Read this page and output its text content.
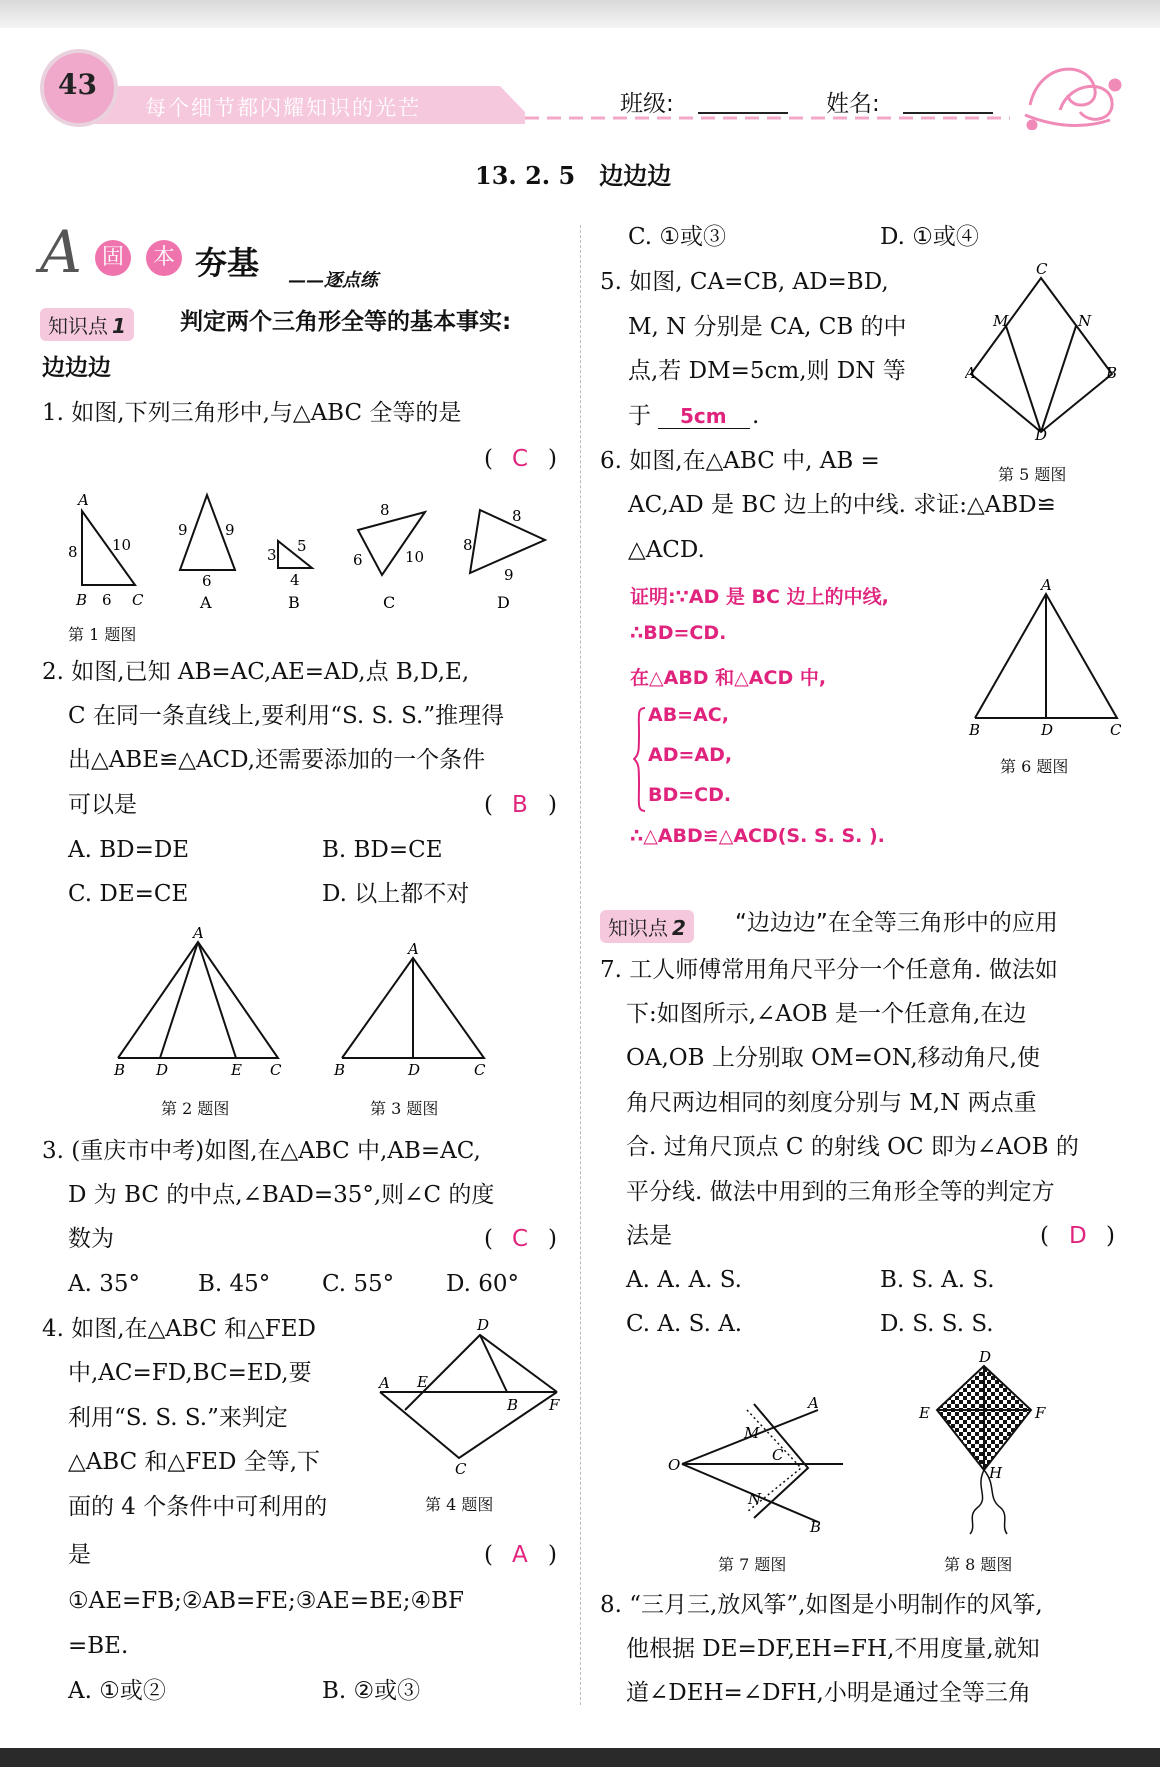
43
每个细节都闪耀知识的光芒	班级:	姓名:
13. 2. 5　边边边
A 固	本 夯基 ——逐点练
知识点 1	判定两个三角形全等的基本事实:
边边边
1. 如图,下列三角形中,与△ABC 全等的是
( C )
A
B	C
10
8
6
9 9
6
A
3 5
4
B
8
6	10
C
8
8
9
D
第 1 题图
2. 如图,已知 AB=AC,AE=AD,点 B,D,E,
C 在同一条直线上,要利用“S. S. S.”推理得
出△ABE≌△ACD,还需要添加的一个条件
可以是	( B )
A. BD=DE	B. BD=CE
C. DE=CE	D. 以上都不对
A
B D	E C
A
B	D	C
第 2 题图	第 3 题图
3. (重庆市中考)如图,在△ABC 中,AB=AC,
D 为 BC 的中点,∠BAD=35°,则∠C 的度
数为	( C )
A. 35°	B. 45° C. 55° D. 60°
4. 如图,在△ABC 和△FED
中,AC=FD,BC=ED,要
利用“S. S. S.”来判定
△ABC 和△FED 全等,下
面的 4 个条件中可利用的
是	( A )
①AE=FB;②AB=FE;③AE=BE;④BF
=BE.
A. ①或②	B. ②或③
D
A E
B F
C
第 4 题图
C. ①或③	D. ①或④
5. 如图, CA=CB, AD=BD,
M, N 分别是 CA, CB 的中
点,若 DM=5cm,则 DN 等
于 5cm .
C
M	N
A	B
D
第 5 题图
6. 如图,在△ABC 中, AB =
AC,AD 是 BC 边上的中线. 求证:△ABD≌
△ACD.
证明:∵AD 是 BC 边上的中线,
∴BD=CD.
在△ABD 和△ACD 中,
AB=AC,
AD=AD,
BD=CD.
∴△ABD≌△ACD(S. S. S. ).
A
B	D	C
第 6 题图
知识点 2	“边边边”在全等三角形中的应用
7. 工人师傅常用角尺平分一个任意角. 做法如
下:如图所示,∠AOB 是一个任意角,在边
OA,OB 上分别取 OM=ON,移动角尺,使
角尺两边相同的刻度分别与 M,N 两点重
合. 过角尺顶点 C 的射线 OC 即为∠AOB 的
平分线. 做法中用到的三角形全等的判定方
法是	( D )
A. A. A. S.	B. S. A. S.
C. A. S. A.	D. S. S. S.
A
O
M
C
N
B
第 7 题图
D
E	F
H
第 8 题图
8. “三月三,放风筝”,如图是小明制作的风筝,
他根据 DE=DF,EH=FH,不用度量,就知
道∠DEH=∠DFH,小明是通过全等三角
